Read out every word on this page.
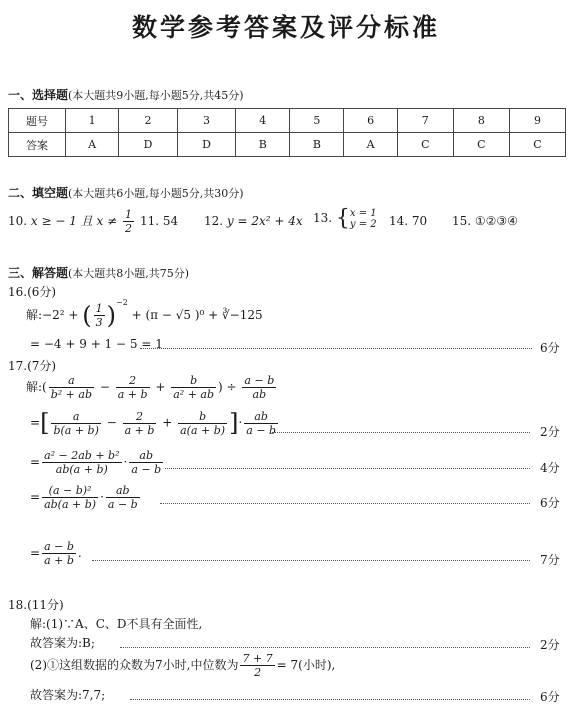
数学参考答案及评分标准
一、选择题(本大题共9小题,每小题5分,共45分)
题号	1	2	3	4	5	6	7	8	9
答案	A	D	D	B	B	A	C	C	C
二、填空题(本大题共6小题,每小题5分,共30分)
10. x ≥ − 1 且 $x \ne \frac{1}{2} 11$. 54 12. y = 2x² + 4x 13. {x = 1
y = 2 14. 70 15. ①②③④
三、解答题(本大题共8小题,共75分)
16.(6分)
解:−2² + ( $\frac{1}{3} )^{-2} + (\pi - √5$ )⁰ + ∛−125
= −4 + 9 + 1 − 5 = 1	6分
17.(7分)
解:( $\frac{a}{\text{b² + ab}} - \frac{2}{a + b} + \frac{b}{\text{a² + ab}}$ ) ÷ $\frac{a - b}{ab}$
=[ $\frac{a}{b(a + b)} - \frac{2}{a + b} + \frac{b}{a(a + b)}$ ]· $\frac{ab}{a - b}$	2分
= $\frac{\text{a² − 2ab + b²}}{ab(a + b)} \cdot \frac{ab}{a - b}$	4分
= $\frac{\text{(a − b)²}}{ab(a + b)} \cdot \frac{ab}{a - b}$	6分
= $\frac{a - b}{a + b}$ .	7分
18.(11分)
解:(1)∵A、C、D不具有全面性,
故答案为:B;	2分
(2)①这组数据的众数为7小时,中位数为 $\frac{7 + 7}{2} = 7$(小时),
故答案为:7,7;	6分
